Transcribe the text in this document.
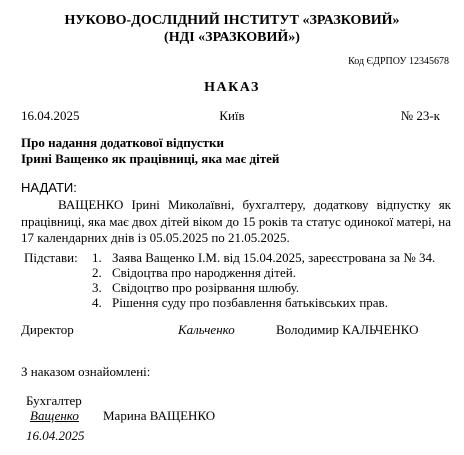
НУКОВО-ДОСЛІДНИЙ ІНСТИТУТ «ЗРАЗКОВИЙ»
(НДІ «ЗРАЗКОВИЙ»)
Код ЄДРПОУ 12345678
НАКАЗ
16.04.2025	Київ	№ 23-к
Про надання додаткової відпустки
Ірині Ващенко як працівниці, яка має дітей
НАДАТИ:
ВАЩЕНКО Ірині Миколаївні, бухгалтеру, додаткову відпустку як працівниці, яка має двох дітей віком до 15 років та статус одинокої матері, на 17 календарних днів із 05.05.2025 по 21.05.2025.
Підстави: 1. Заява Ващенко І.М. від 15.04.2025, зареєстрована за № 34.
2. Свідоцтва про народження дітей.
3. Свідоцтво про розірвання шлюбу.
4. Рішення суду про позбавлення батьківських прав.
Директор	Кальченко	Володимир КАЛЬЧЕНКО
З наказом ознайомлені:
Бухгалтер
Ващенко Марина ВАЩЕНКО
16.04.2025
